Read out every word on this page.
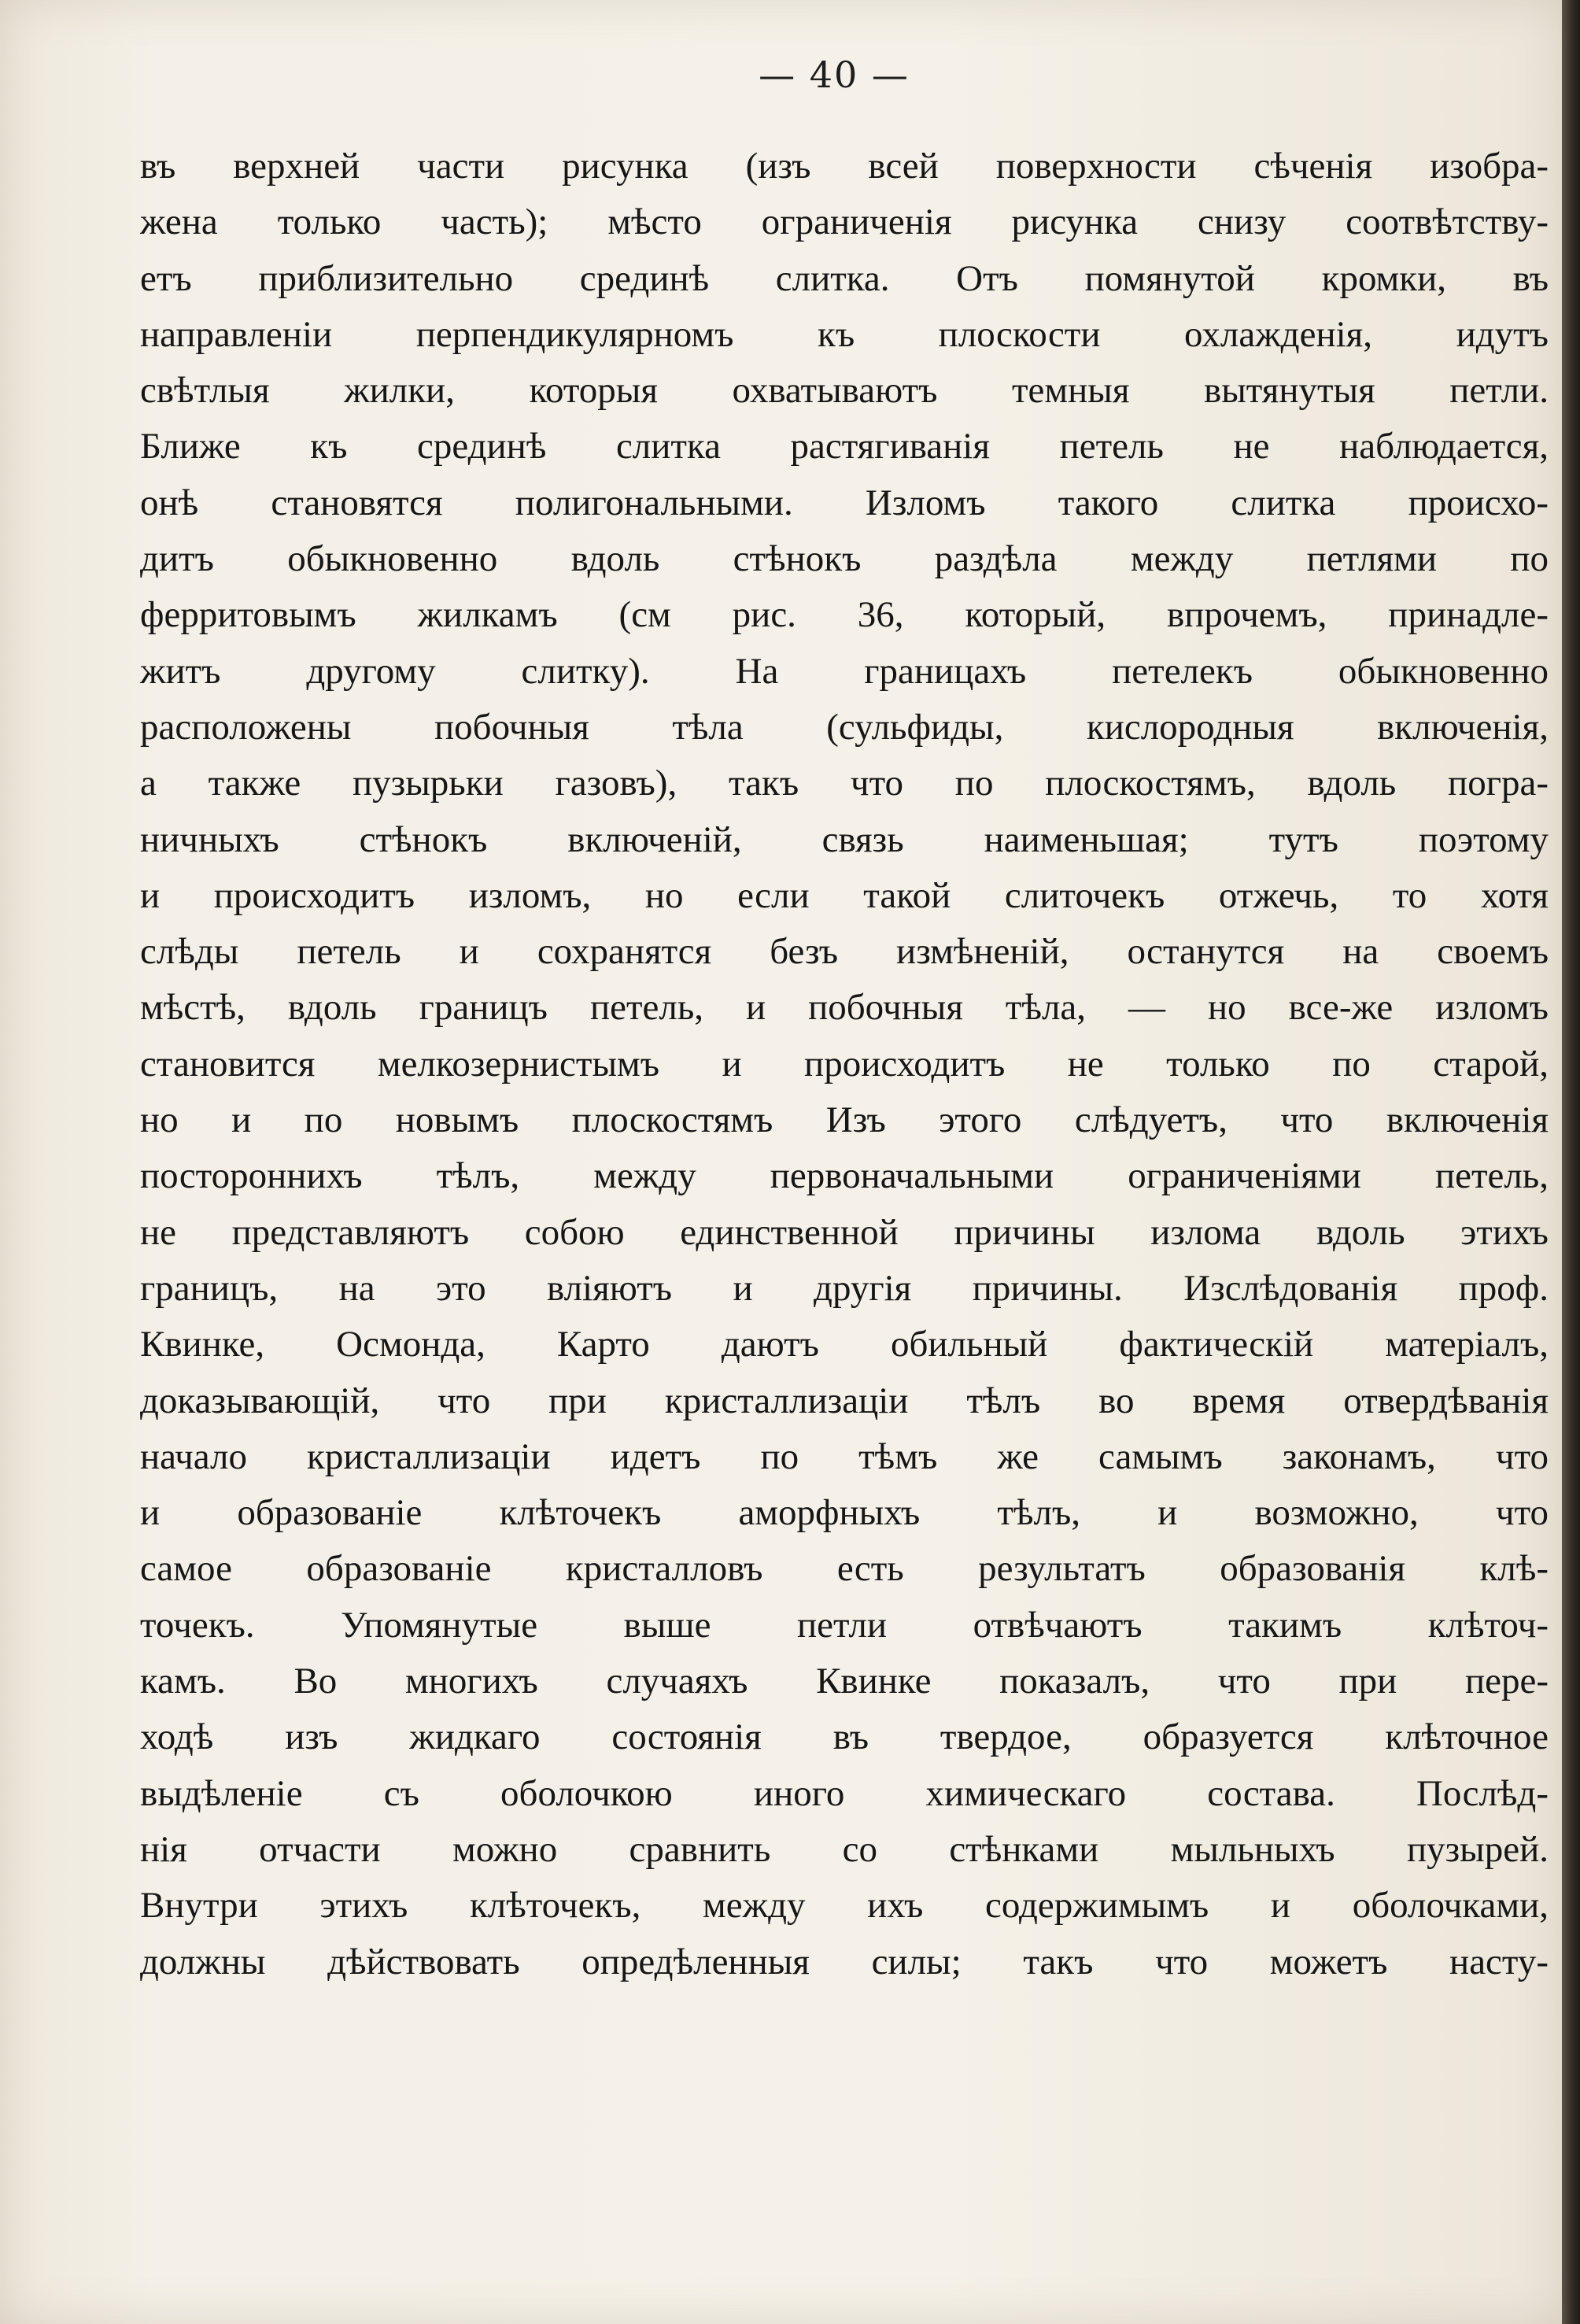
— 40 —
въ верхней части рисунка (изъ всей поверхности сѣченія изобра-
жена только часть); мѣсто ограниченія рисунка снизу соотвѣтству-
етъ приблизительно срединѣ слитка. Отъ помянутой кромки, въ
направленіи перпендикулярномъ къ плоскости охлажденія, идутъ
свѣтлыя жилки, которыя охватываютъ темныя вытянутыя петли.
Ближе къ срединѣ слитка растягиванія петель не наблюдается,
онѣ становятся полигональными. Изломъ такого слитка происхо-
дитъ обыкновенно вдоль стѣнокъ раздѣла между петлями по
ферритовымъ жилкамъ (см рис. 36, который, впрочемъ, принадле-
житъ другому слитку). На границахъ петелекъ обыкновенно
расположены побочныя тѣла (сульфиды, кислородныя включенія,
а также пузырьки газовъ), такъ что по плоскостямъ, вдоль погра-
ничныхъ стѣнокъ включеній, связь наименьшая; тутъ поэтому
и происходитъ изломъ, но если такой слиточекъ отжечь, то хотя
слѣды петель и сохранятся безъ измѣненій, останутся на своемъ
мѣстѣ, вдоль границъ петель, и побочныя тѣла, — но все-же изломъ
становится мелкозернистымъ и происходитъ не только по старой,
но и по новымъ плоскостямъ Изъ этого слѣдуетъ, что включенія
постороннихъ тѣлъ, между первоначальными ограниченіями петель,
не представляютъ собою единственной причины излома вдоль этихъ
границъ, на это вліяютъ и другія причины. Изслѣдованія проф.
Квинке, Осмонда, Карто даютъ обильный фактическій матеріалъ,
доказывающій, что при кристаллизаціи тѣлъ во время отвердѣванія
начало кристаллизаціи идетъ по тѣмъ же самымъ законамъ, что
и образованіе клѣточекъ аморфныхъ тѣлъ, и возможно, что
самое образованіе кристалловъ есть результатъ образованія клѣ-
точекъ. Упомянутые выше петли отвѣчаютъ такимъ клѣточ-
камъ. Во многихъ случаяхъ Квинке показалъ, что при пере-
ходѣ изъ жидкаго состоянія въ твердое, образуется клѣточное
выдѣленіе съ оболочкою иного химическаго состава. Послѣд-
нія отчасти можно сравнить со стѣнками мыльныхъ пузырей.
Внутри этихъ клѣточекъ, между ихъ содержимымъ и оболочками,
должны дѣйствовать опредѣленныя силы; такъ что можетъ насту-
